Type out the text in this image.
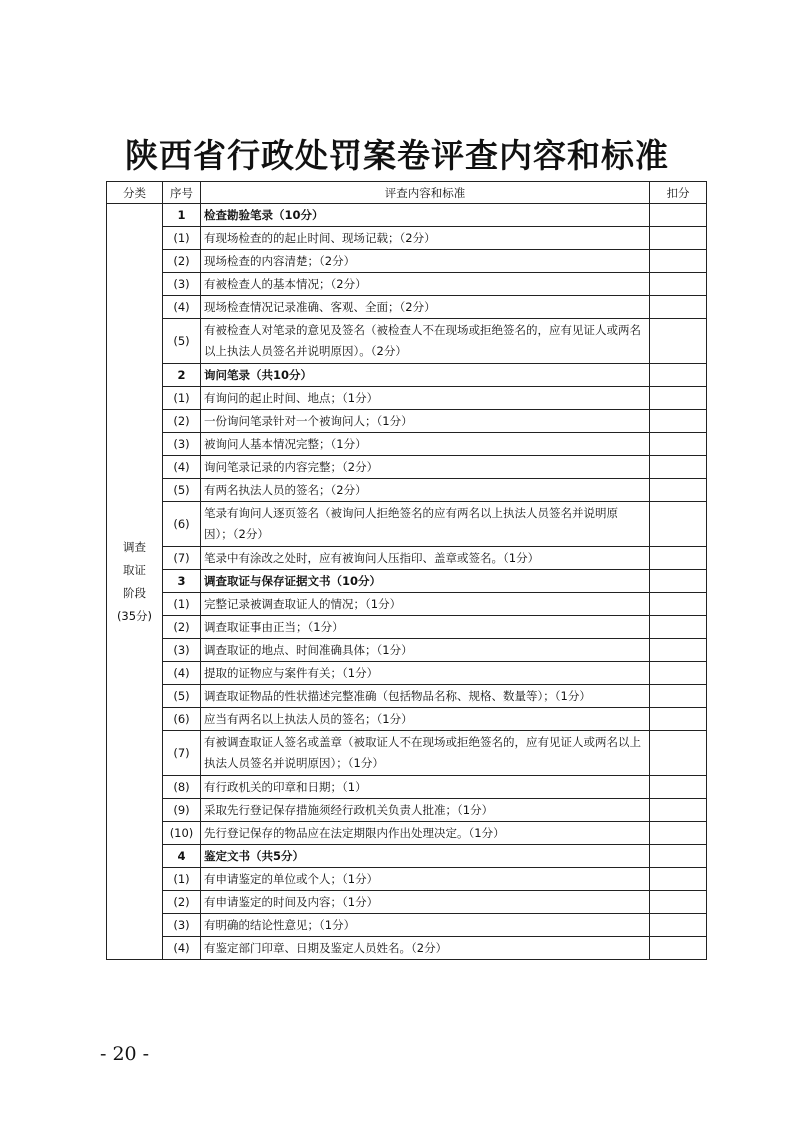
陕西省行政处罚案卷评查内容和标准
分类	序号	评查内容和标准	扣分

调查
取证
阶段
(35分)	1	检查勘验笔录（10分）	
	(1)	有现场检查的的起止时间、现场记载；（2分）	
	(2)	现场检查的内容清楚；（2分）	
	(3)	有被检查人的基本情况；（2分）	
	(4)	现场检查情况记录准确、客观、全面；（2分）	
	(5)	有被检查人对笔录的意见及签名（被检查人不在现场或拒绝签名的，应有见证人或两名以上执法人员签名并说明原因）。（2分）	
	2	询问笔录（共10分）	
	(1)	有询问的起止时间、地点；（1分）	
	(2)	一份询问笔录针对一个被询问人；（1分）	
	(3)	被询问人基本情况完整；（1分）	
	(4)	询问笔录记录的内容完整；（2分）	
	(5)	有两名执法人员的签名；（2分）	
	(6)	笔录有询问人逐页签名（被询问人拒绝签名的应有两名以上执法人员签名并说明原因）；（2分）	
	(7)	笔录中有涂改之处时，应有被询问人压指印、盖章或签名。（1分）	
	3	调查取证与保存证据文书（10分）	
	(1)	完整记录被调查取证人的情况；（1分）	
	(2)	调查取证事由正当；（1分）	
	(3)	调查取证的地点、时间准确具体；（1分）	
	(4)	提取的证物应与案件有关；（1分）	
	(5)	调查取证物品的性状描述完整准确（包括物品名称、规格、数量等）；（1分）	
	(6)	应当有两名以上执法人员的签名；（1分）	
	(7)	有被调查取证人签名或盖章（被取证人不在现场或拒绝签名的，应有见证人或两名以上执法人员签名并说明原因）；（1分）	
	(8)	有行政机关的印章和日期；（1）	
	(9)	采取先行登记保存措施须经行政机关负责人批准；（1分）	
	(10)	先行登记保存的物品应在法定期限内作出处理决定。（1分）	
	4	鉴定文书（共5分）	
	(1)	有申请鉴定的单位或个人；（1分）	
	(2)	有申请鉴定的时间及内容；（1分）	
	(3)	有明确的结论性意见；（1分）	
	(4)	有鉴定部门印章、日期及鉴定人员姓名。（2分）	
- 20 -
